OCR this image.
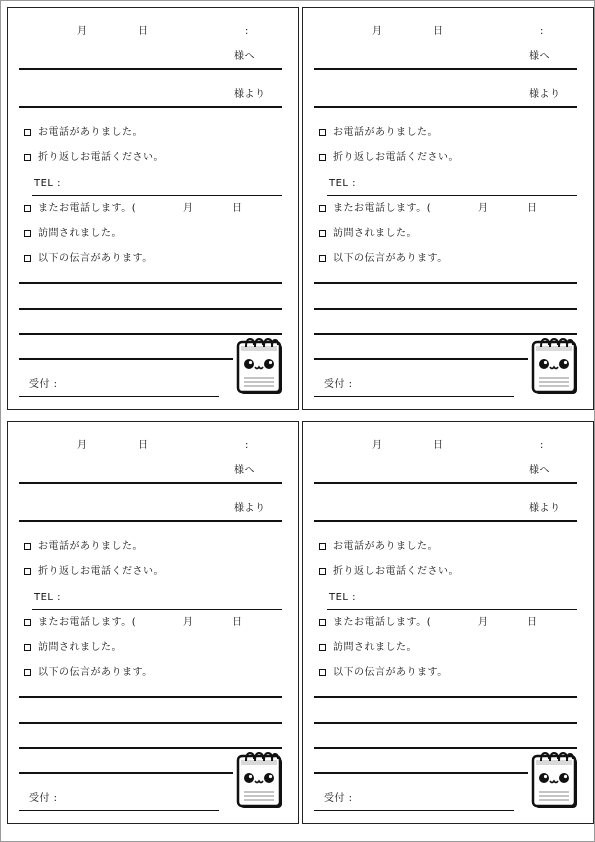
月	日	:
様へ
様より
お電話がありました。
折り返しお電話ください。
TEL :
またお電話します。(	月	日
訪問されました。
以下の伝言があります。
受付 :
月	日	:
様へ
様より
お電話がありました。
折り返しお電話ください。
TEL :
またお電話します。(	月	日
訪問されました。
以下の伝言があります。
受付 :
月	日	:
様へ
様より
お電話がありました。
折り返しお電話ください。
TEL :
またお電話します。(	月	日
訪問されました。
以下の伝言があります。
受付 :
月	日	:
様へ
様より
お電話がありました。
折り返しお電話ください。
TEL :
またお電話します。(	月	日
訪問されました。
以下の伝言があります。
受付 :
